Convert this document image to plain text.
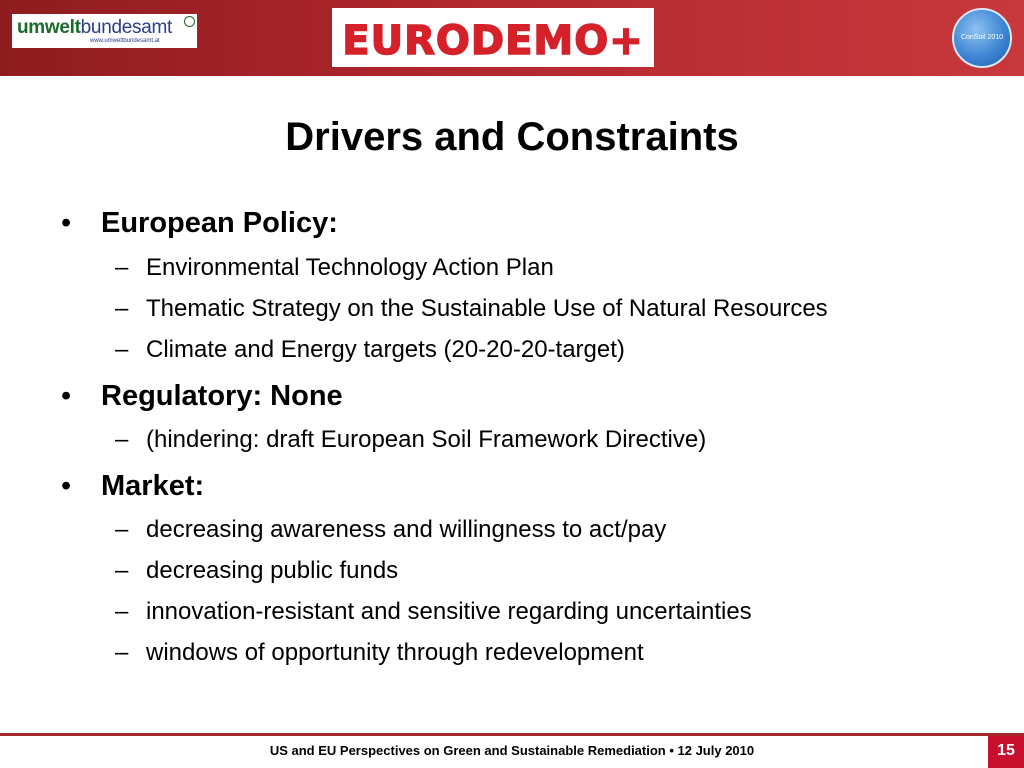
umweltbundesamt
www.umweltbundesamt.at	EURODEMO+	ConSoil 2010
Drivers and Constraints
• European Policy:
– Environmental Technology Action Plan
– Thematic Strategy on the Sustainable Use of Natural Resources
– Climate and Energy targets (20-20-20-target)
• Regulatory: None
– (hindering: draft European Soil Framework Directive)
• Market:
– decreasing awareness and willingness to act/pay
– decreasing public funds
– innovation-resistant and sensitive regarding uncertainties
– windows of opportunity through redevelopment
US and EU Perspectives on Green and Sustainable Remediation • 12 July 2010	15
